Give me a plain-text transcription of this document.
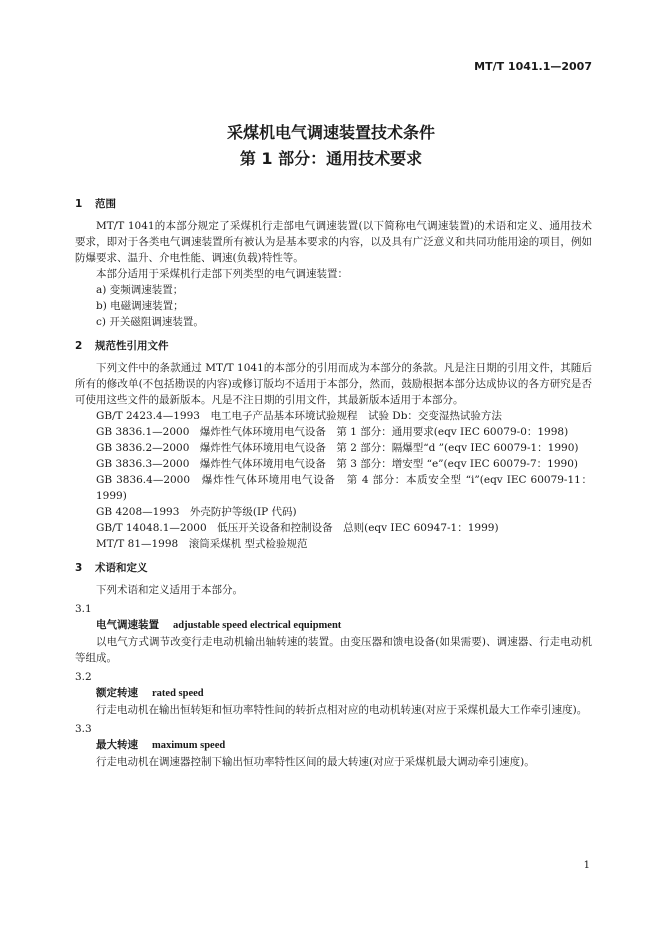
MT/T 1041.1—2007
采煤机电气调速装置技术条件
第 1 部分：通用技术要求
1 范围
MT/T 1041的本部分规定了采煤机行走部电气调速装置(以下简称电气调速装置)的术语和定义、通用技术要求，即对于各类电气调速装置所有被认为是基本要求的内容，以及具有广泛意义和共同功能用途的项目，例如防爆要求、温升、介电性能、调速(负载)特性等。
本部分适用于采煤机行走部下列类型的电气调速装置：
a) 变频调速装置；
b) 电磁调速装置；
c) 开关磁阻调速装置。
2 规范性引用文件
下列文件中的条款通过 MT/T 1041的本部分的引用而成为本部分的条款。凡是注日期的引用文件，其随后所有的修改单(不包括勘误的内容)或修订版均不适用于本部分，然而，鼓励根据本部分达成协议的各方研究是否可使用这些文件的最新版本。凡是不注日期的引用文件，其最新版本适用于本部分。
GB/T 2423.4—1993　电工电子产品基本环境试验规程　试验 Db：交变湿热试验方法
GB 3836.1—2000　爆炸性气体环境用电气设备　第 1 部分：通用要求(eqv IEC 60079-0：1998)
GB 3836.2—2000　爆炸性气体环境用电气设备　第 2 部分：隔爆型“d ”(eqv IEC 60079-1：1990)
GB 3836.3—2000　爆炸性气体环境用电气设备　第 3 部分：增安型 “e”(eqv IEC 60079-7：1990)
GB 3836.4—2000　爆炸性气体环境用电气设备　第 4 部分：本质安全型 “i”(eqv IEC 60079-11：1999)
GB 4208—1993　外壳防护等级(IP 代码)
GB/T 14048.1—2000　低压开关设备和控制设备　总则(eqv IEC 60947-1：1999)
MT/T 81—1998　滚筒采煤机 型式检验规范
3 术语和定义
下列术语和定义适用于本部分。
3.1
电气调速装置 adjustable speed electrical equipment
以电气方式调节改变行走电动机输出轴转速的装置。由变压器和馈电设备(如果需要)、调速器、行走电动机等组成。
3.2
额定转速 rated speed
行走电动机在输出恒转矩和恒功率特性间的转折点相对应的电动机转速(对应于采煤机最大工作牵引速度)。
3.3
最大转速 maximum speed
行走电动机在调速器控制下输出恒功率特性区间的最大转速(对应于采煤机最大调动牵引速度)。
1
